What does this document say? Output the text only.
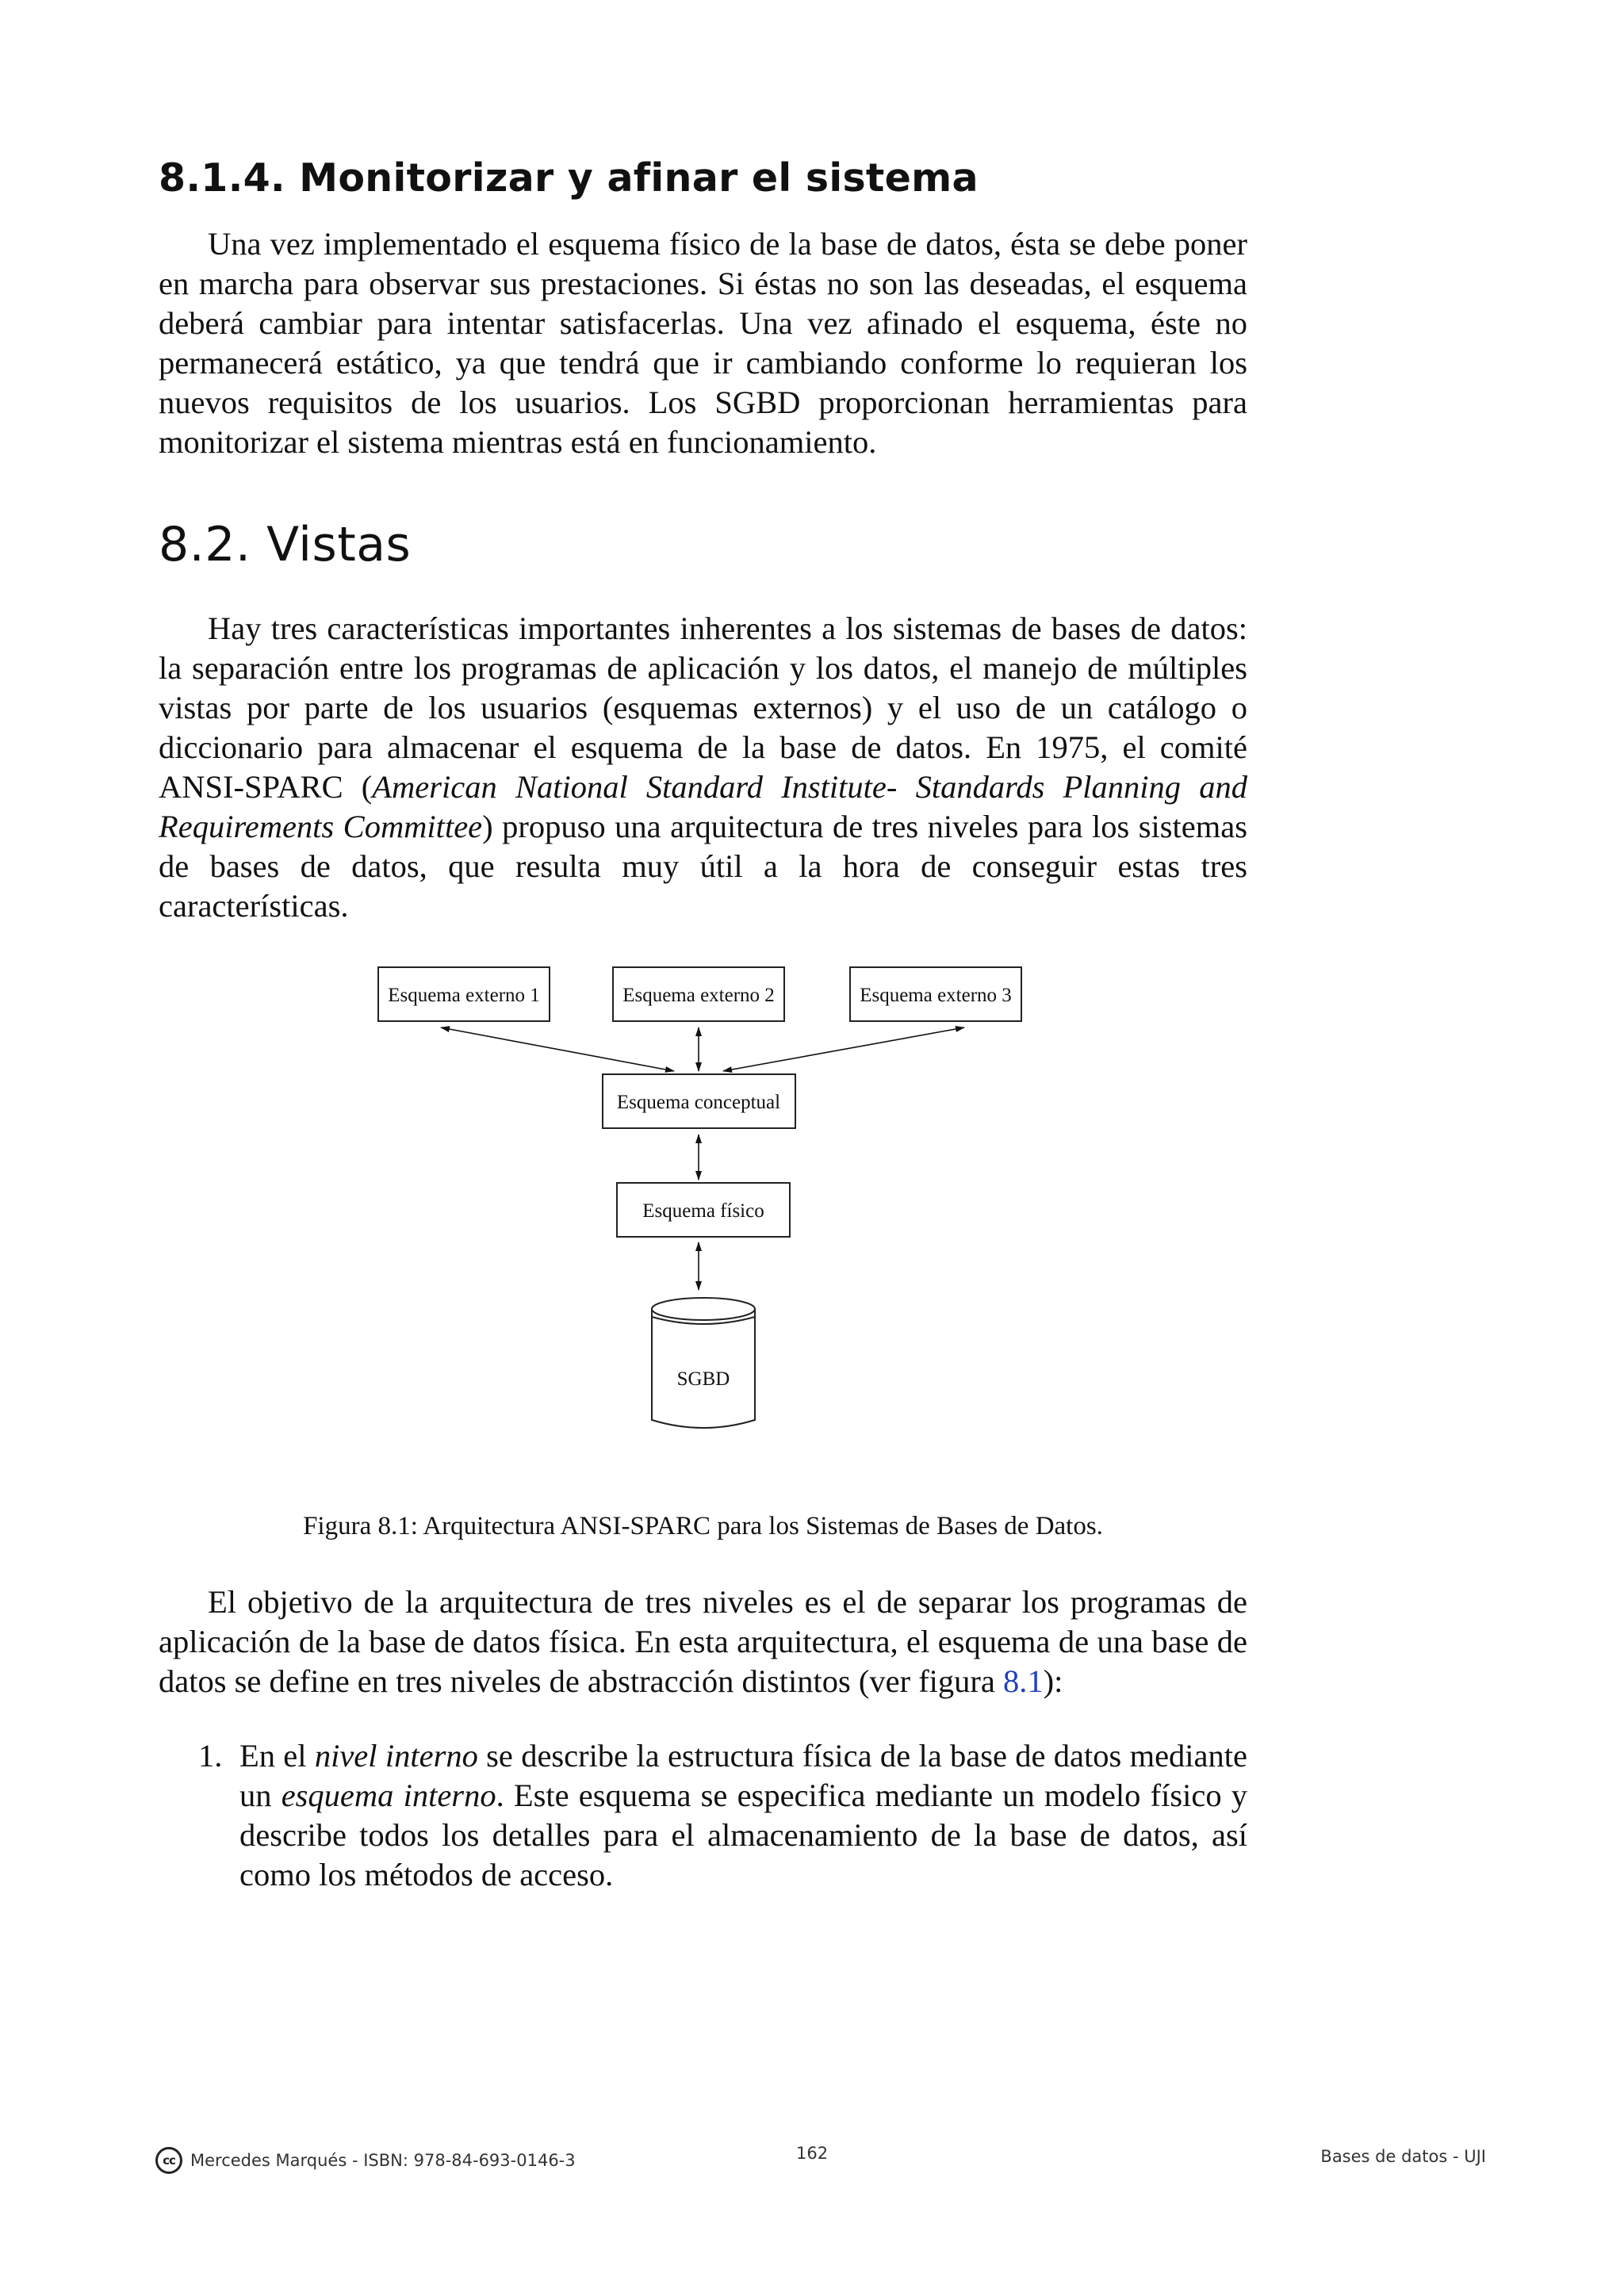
8.1.4. Monitorizar y afinar el sistema

Una vez implementado el esquema físico de la base de datos, ésta se debe poner en marcha para observar sus prestaciones. Si éstas no son las deseadas, el esquema deberá cambiar para intentar satisfacerlas. Una vez afinado el esquema, éste no permanecerá estático, ya que tendrá que ir cambiando conforme lo requieran los nuevos requisitos de los usuarios. Los SGBD proporcionan herramientas para monitorizar el sistema mientras está en funcionamiento.

8.2. Vistas

Hay tres características importantes inherentes a los sistemas de bases de datos: la separación entre los programas de aplicación y los datos, el manejo de múltiples vistas por parte de los usuarios (esquemas externos) y el uso de un catálogo o diccionario para almacenar el esquema de la base de datos. En 1975, el comité ANSI-SPARC (American National Standard Institute- Standards Planning and Requirements Committee) propuso una arquitectura de tres niveles para los sistemas de bases de datos, que resulta muy útil a la hora de conseguir estas tres características.

Esquema externo 1	Esquema externo 2	Esquema externo 3
Esquema conceptual
Esquema físico
SGBD

Figura 8.1: Arquitectura ANSI-SPARC para los Sistemas de Bases de Datos.

El objetivo de la arquitectura de tres niveles es el de separar los programas de aplicación de la base de datos física. En esta arquitectura, el esquema de una base de datos se define en tres niveles de abstracción distintos (ver figura 8.1):

1. En el nivel interno se describe la estructura física de la base de datos mediante un esquema interno. Este esquema se especifica mediante un modelo físico y describe todos los detalles para el almacenamiento de la base de datos, así como los métodos de acceso.
cc Mercedes Marqués - ISBN: 978-84-693-0146-3	162	Bases de datos - UJI
